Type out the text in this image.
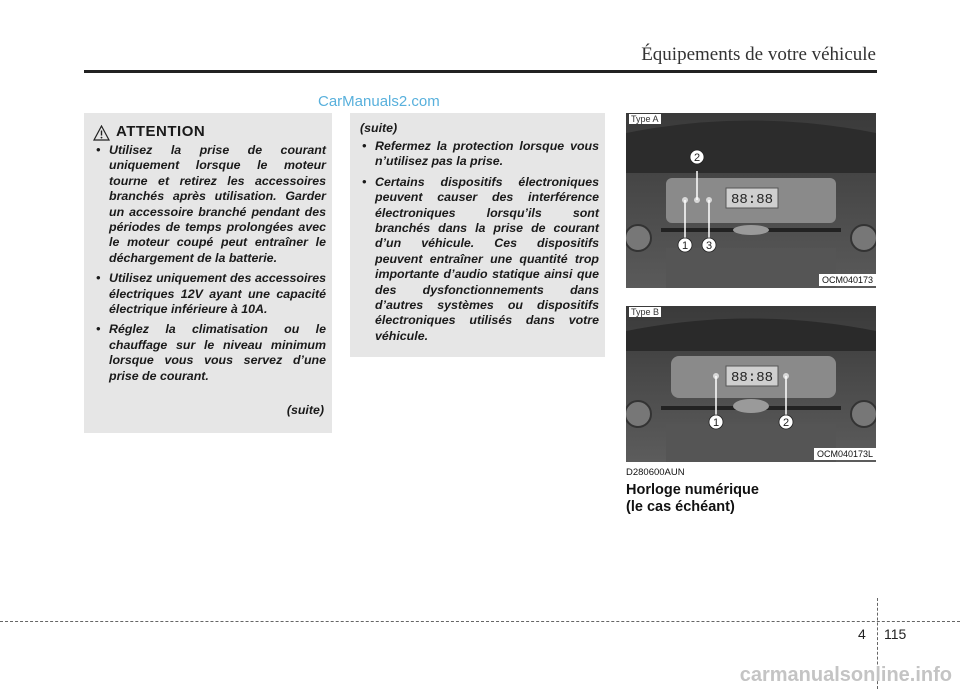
Équipements de votre véhicule
CarManuals2.com
ATTENTION
• Utilisez la prise de courant uniquement lorsque le moteur tourne et retirez les accessoires branchés après utilisation. Garder un accessoire branché pendant des périodes de temps prolongées avec le moteur coupé peut entraîner le déchargement de la batterie.
• Utilisez uniquement des accessoires électriques 12V ayant une capacité électrique inférieure à 10A.
• Réglez la climatisation ou le chauffage sur le niveau minimum lorsque vous vous servez d’une prise de courant.
(suite)
(suite)
• Refermez la protection lorsque vous n’utilisez pas la prise.
• Certains dispositifs électroniques peuvent causer des interférence électroniques lorsqu’ils sont branchés dans la prise de courant d’un véhicule. Ces dispositifs peuvent entraîner une quantité trop importante d’audio statique ainsi que des dysfonctionnements dans d’autres systèmes ou dispositifs électroniques utilisés dans votre véhicule.
88:88
1
2
3
Type A
OCM040173
88:88
1	2
Type B
OCM040173L
D280600AUN
Horloge numérique
(le cas échéant)
4 115
carmanualsonline.info
